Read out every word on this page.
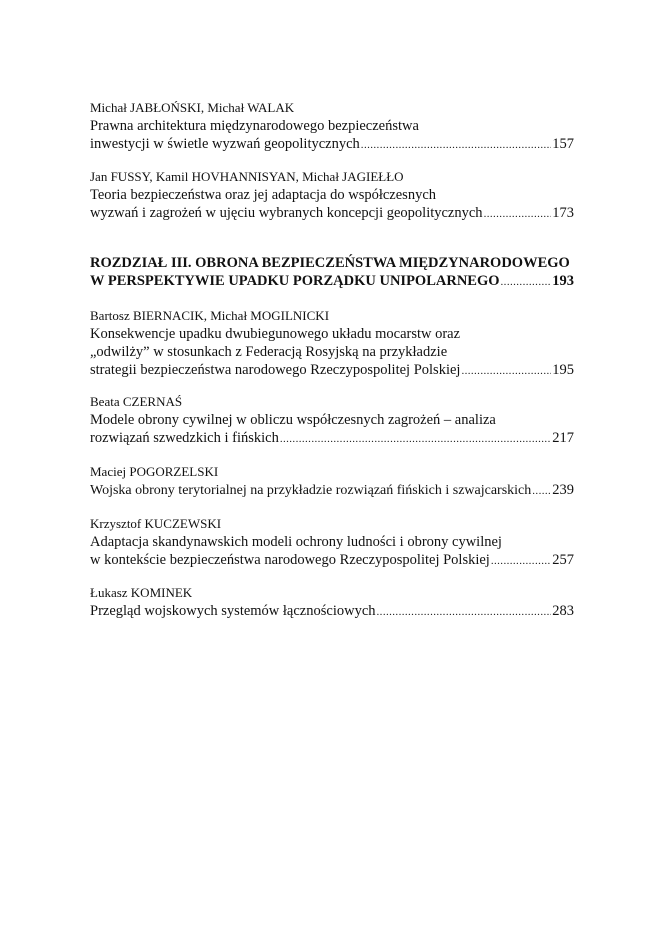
Michał JABŁOŃSKI, Michał WALAK
Prawna architektura międzynarodowego bezpieczeństwa
inwestycji w świetle wyzwań geopolitycznych .....	157
Jan FUSSY, Kamil HOVHANNISYAN, Michał JAGIEŁŁO
Teoria bezpieczeństwa oraz jej adaptacja do współczesnych
wyzwań i zagrożeń w ujęciu wybranych koncepcji geopolitycznych .....	173
ROZDZIAŁ III. OBRONA BEZPIECZEŃSTWA MIĘDZYNARODOWEGO
W PERSPEKTYWIE UPADKU PORZĄDKU UNIPOLARNEGO .....	193
Bartosz BIERNACIK, Michał MOGILNICKI
Konsekwencje upadku dwubiegunowego układu mocarstw oraz
„odwilży” w stosunkach z Federacją Rosyjską na przykładzie
strategii bezpieczeństwa narodowego Rzeczypospolitej Polskiej .....	195
Beata CZERNAŚ
Modele obrony cywilnej w obliczu współczesnych zagrożeń – analiza
rozwiązań szwedzkich i fińskich .....	217
Maciej POGORZELSKI
Wojska obrony terytorialnej na przykładzie rozwiązań fińskich i szwajcarskich ..... 239
Krzysztof KUCZEWSKI
Adaptacja skandynawskich modeli ochrony ludności i obrony cywilnej
w kontekście bezpieczeństwa narodowego Rzeczypospolitej Polskiej .....	257
Łukasz KOMINEK
Przegląd wojskowych systemów łącznościowych .....	283
